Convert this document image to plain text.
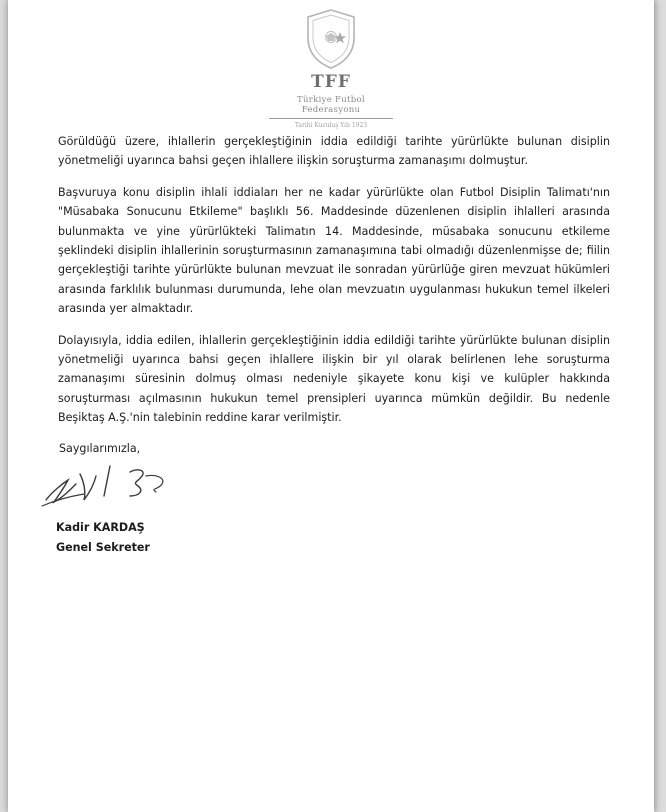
TFF
Türkiye Futbol Federasyonu
Tarihi Kuruluş Yılı 1923

Görüldüğü üzere, ihlallerin gerçekleştiğinin iddia edildiği tarihte yürürlükte bulunan disiplin yönetmeliği uyarınca bahsi geçen ihlallere ilişkin soruşturma zamanaşımı dolmuştur.

Başvuruya konu disiplin ihlali iddiaları her ne kadar yürürlükte olan Futbol Disiplin Talimatı'nın "Müsabaka Sonucunu Etkileme" başlıklı 56. Maddesinde düzenlenen disiplin ihlalleri arasında bulunmakta ve yine yürürlükteki Talimatın 14. Maddesinde, müsabaka sonucunu etkileme şeklindeki disiplin ihlallerinin soruşturmasının zamanaşımına tabi olmadığı düzenlenmişse de; fiilin gerçekleştiği tarihte yürürlükte bulunan mevzuat ile sonradan yürürlüğe giren mevzuat hükümleri arasında farklılık bulunması durumunda, lehe olan mevzuatın uygulanması hukukun temel ilkeleri arasında yer almaktadır.

Dolayısıyla, iddia edilen, ihlallerin gerçekleştiğinin iddia edildiği tarihte yürürlükte bulunan disiplin yönetmeliği uyarınca bahsi geçen ihlallere ilişkin bir yıl olarak belirlenen lehe soruşturma zamanaşımı süresinin dolmuş olması nedeniyle şikayete konu kişi ve kulüpler hakkında soruşturması açılmasının hukukun temel prensipleri uyarınca mümkün değildir. Bu nedenle Beşiktaş A.Ş.'nin talebinin reddine karar verilmiştir.

Saygılarımızla,
Kadir KARDAŞ
Genel Sekreter
